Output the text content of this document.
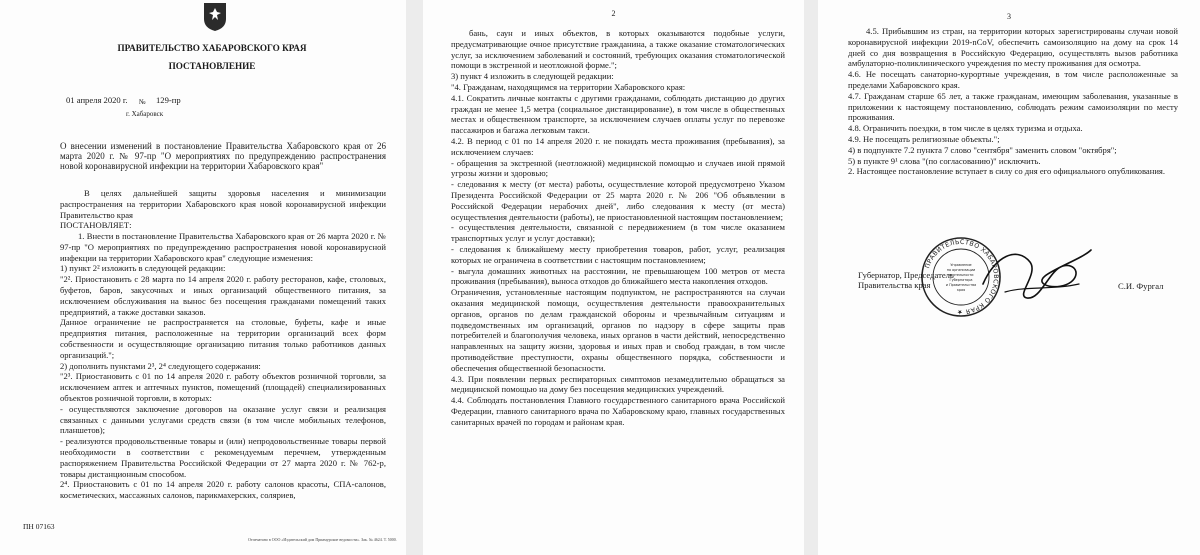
ПРАВИТЕЛЬСТВО ХАБАРОВСКОГО КРАЯ
ПОСТАНОВЛЕНИЕ
01 апреля 2020 г. № 129-пр
г. Хабаровск

О внесении изменений в постановление Правительства Хабаровского края от 26 марта 2020 г. № 97-пр "О мероприятиях по предупреждению распространения новой коронавирусной инфекции на территории Хабаровского края"

В целях дальнейшей защиты здоровья населения и минимизации распространения на территории Хабаровского края новой коронавирусной инфекции Правительство края

ПОСТАНОВЛЯЕТ:

1. Внести в постановление Правительства Хабаровского края от 26 марта 2020 г. № 97-пр "О мероприятиях по предупреждению распространения новой коронавирусной инфекции на территории Хабаровского края" следующие изменения:
1) пункт 2² изложить в следующей редакции:
"2². Приостановить с 28 марта по 14 апреля 2020 г. работу ресторанов, кафе, столовых, буфетов, баров, закусочных и иных организаций общественного питания, за исключением обслуживания на вынос без посещения гражданами помещений таких предприятий, а также доставки заказов.
Данное ограничение не распространяется на столовые, буфеты, кафе и иные предприятия питания, расположенные на территории организаций всех форм собственности и осуществляющие организацию питания только работников данных организаций.";
2) дополнить пунктами 2³, 2⁴ следующего содержания:
"2³. Приостановить с 01 по 14 апреля 2020 г. работу объектов розничной торговли, за исключением аптек и аптечных пунктов, помещений (площадей) специализированных объектов розничной торговли, в которых:
- осуществляются заключение договоров на оказание услуг связи и реализация связанных с данными услугами средств связи (в том числе мобильных телефонов, планшетов);
- реализуются продовольственные товары и (или) непродовольственные товары первой необходимости в соответствии с рекомендуемым перечнем, утвержденным распоряжением Правительства Российской Федерации от 27 марта 2020 г. № 762-р, товары дистанционным способом.
2⁴. Приостановить с 01 по 14 апреля 2020 г. работу салонов красоты, СПА-салонов, косметических, массажных салонов, парикмахерских, соляриев,

ПН 07163
Отпечатано в ООО «Издательский дом Приамурские ведомости». Зак. № 4624. Т. 5000.
2

бань, саун и иных объектов, в которых оказываются подобные услуги, предусматривающие очное присутствие гражданина, а также оказание стоматологических услуг, за исключением заболеваний и состояний, требующих оказания стоматологической помощи в экстренной и неотложной форме.";
3) пункт 4 изложить в следующей редакции:
"4. Гражданам, находящимся на территории Хабаровского края:
4.1. Сократить личные контакты с другими гражданами, соблюдать дистанцию до других граждан не менее 1,5 метра (социальное дистанцирование), в том числе в общественных местах и общественном транспорте, за исключением случаев оплаты услуг по перевозке пассажиров и багажа легковым такси.
4.2. В период с 01 по 14 апреля 2020 г. не покидать места проживания (пребывания), за исключением случаев:
- обращения за экстренной (неотложной) медицинской помощью и случаев иной прямой угрозы жизни и здоровью;
- следования к месту (от места) работы, осуществление которой предусмотрено Указом Президента Российской Федерации от 25 марта 2020 г. № 206 "Об объявлении в Российской Федерации нерабочих дней", либо следования к месту (от места) осуществления деятельности (работы), не приостановленной настоящим постановлением;
- осуществления деятельности, связанной с передвижением (в том числе оказанием транспортных услуг и услуг доставки);
- следования к ближайшему месту приобретения товаров, работ, услуг, реализация которых не ограничена в соответствии с настоящим постановлением;
- выгула домашних животных на расстоянии, не превышающем 100 метров от места проживания (пребывания), выноса отходов до ближайшего места накопления отходов.
Ограничения, установленные настоящим подпунктом, не распространяются на случаи оказания медицинской помощи, осуществления деятельности правоохранительных органов, органов по делам гражданской обороны и чрезвычайным ситуациям и подведомственных им организаций, органов по надзору в сфере защиты прав потребителей и благополучия человека, иных органов в части действий, непосредственно направленных на защиту жизни, здоровья и иных прав и свобод граждан, в том числе противодействие преступности, охраны общественного порядка, собственности и обеспечения общественной безопасности.
4.3. При появлении первых респираторных симптомов незамедлительно обращаться за медицинской помощью на дому без посещения медицинских учреждений.
4.4. Соблюдать постановления Главного государственного санитарного врача Российской Федерации, главного санитарного врача по Хабаровскому краю, главных государственных санитарных врачей по городам и районам края.

3

4.5. Прибывшим из стран, на территории которых зарегистрированы случаи новой коронавирусной инфекции 2019-nCoV, обеспечить самоизоляцию на дому на срок 14 дней со дня возвращения в Российскую Федерацию, осуществлять вызов работника амбулаторно-поликлинического учреждения по месту проживания для осмотра.
4.6. Не посещать санаторно-курортные учреждения, в том числе расположенные за пределами Хабаровского края.
4.7. Гражданам старше 65 лет, а также гражданам, имеющим заболевания, указанные в приложении к настоящему постановлению, соблюдать режим самоизоляции по месту проживания.
4.8. Ограничить поездки, в том числе в целях туризма и отдыха.
4.9. Не посещать религиозные объекты.";
4) в подпункте 7.2 пункта 7 слово "сентября" заменить словом "октября";
5) в пункте 9¹ слова "(по согласованию)" исключить.
2. Настоящее постановление вступает в силу со дня его официального опубликования.

Губернатор, Председатель
Правительства края	С.И. Фургал
ПРАВИТЕЛЬСТВО ХАБАРОВСКОГО КРАЯ ★
Управление
по организации
деятельности
Губернатора
и Правительства
края
